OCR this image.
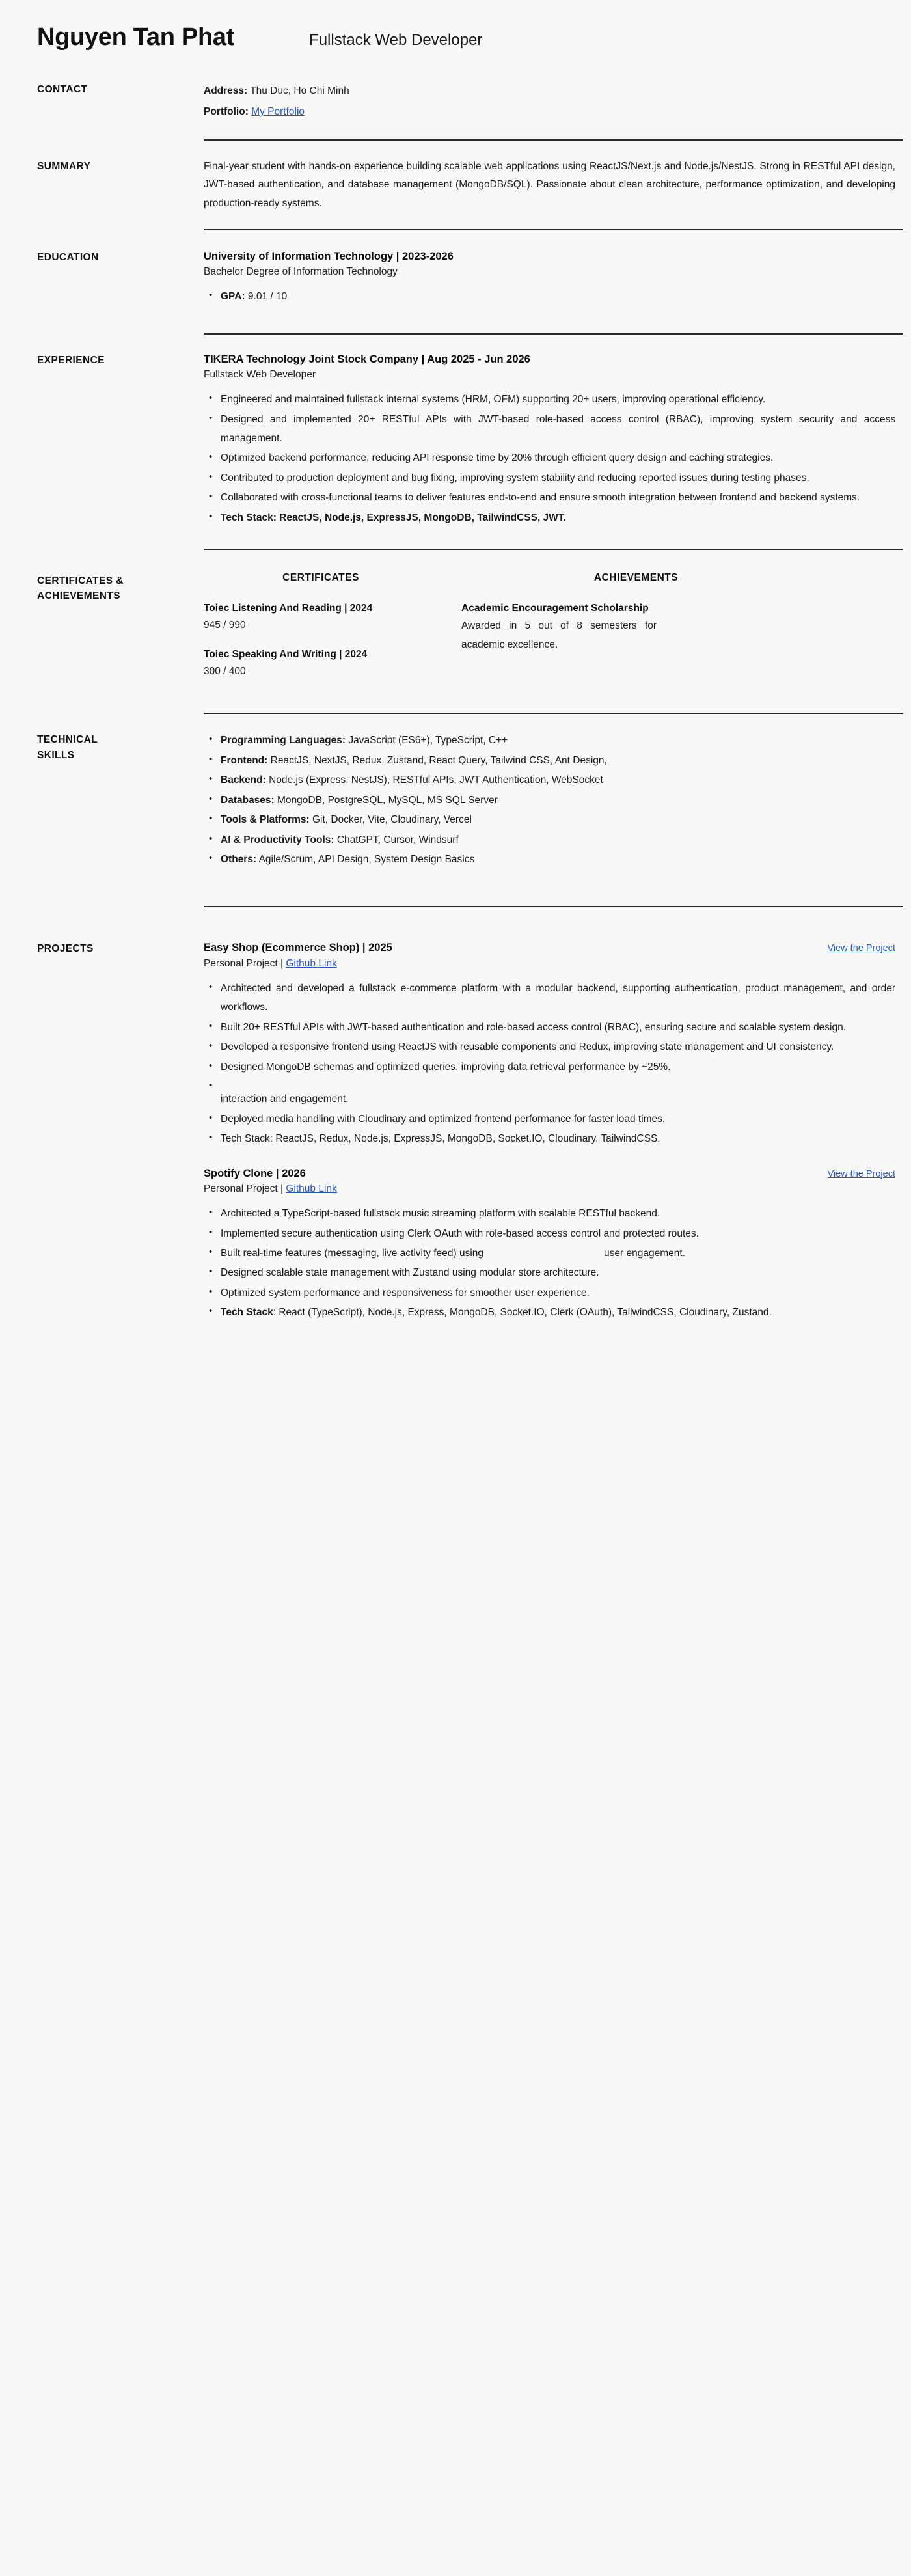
Nguyen Tan Phat	Fullstack Web Developer
CONTACT	Address: Thu Duc, Ho Chi Minh
Portfolio: My Portfolio
SUMMARY	Final-year student with hands-on experience building scalable web applications using ReactJS/Next.js and Node.js/NestJS. Strong in RESTful API design, JWT-based authentication, and database management (MongoDB/SQL). Passionate about clean architecture, performance optimization, and developing production-ready systems.
EDUCATION	University of Information Technology | 2023-2026
Bachelor Degree of Information Technology
• GPA: 9.01 / 10
EXPERIENCE	TIKERA Technology Joint Stock Company | Aug 2025 - Jun 2026
Fullstack Web Developer
• Engineered and maintained fullstack internal systems (HRM, OFM) supporting 20+ users, improving operational efficiency.
• Designed and implemented 20+ RESTful APIs with JWT-based role-based access control (RBAC), improving system security and access management.
• Optimized backend performance, reducing API response time by 20% through efficient query design and caching strategies.
• Contributed to production deployment and bug fixing, improving system stability and reducing reported issues during testing phases.
• Collaborated with cross-functional teams to deliver features end-to-end and ensure smooth integration between frontend and backend systems.
• Tech Stack: ReactJS, Node.js, ExpressJS, MongoDB, TailwindCSS, JWT.
CERTIFICATES &
ACHIEVEMENTS
CERTIFICATES
Toiec Listening And Reading | 2024
945 / 990
Toiec Speaking And Writing | 2024
300 / 400
ACHIEVEMENTS
Academic Encouragement Scholarship
Awarded in 5 out of 8 semesters for academic excellence.
TECHNICAL
SKILLS
• Programming Languages: JavaScript (ES6+), TypeScript, C++
• Frontend: ReactJS, NextJS, Redux, Zustand, React Query, Tailwind CSS, Ant Design,
• Backend: Node.js (Express, NestJS), RESTful APIs, JWT Authentication, WebSocket
• Databases: MongoDB, PostgreSQL, MySQL, MS SQL Server
• Tools & Platforms: Git, Docker, Vite, Cloudinary, Vercel
• AI & Productivity Tools: ChatGPT, Cursor, Windsurf
• Others: Agile/Scrum, API Design, System Design Basics
PROJECTS	Easy Shop (Ecommerce Shop) | 2025	View the Project
Personal Project | Github Link
• Architected and developed a fullstack e-commerce platform with a modular backend, supporting authentication, product management, and order workflows.
• Built 20+ RESTful APIs with JWT-based authentication and role-based access control (RBAC), ensuring secure and scalable system design.
• Developed a responsive frontend using ReactJS with reusable components and Redux, improving state management and UI consistency.
• Designed MongoDB schemas and optimized queries, improving data retrieval performance by ~25%.
•
interaction and engagement.
• Deployed media handling with Cloudinary and optimized frontend performance for faster load times.
• Tech Stack: ReactJS, Redux, Node.js, ExpressJS, MongoDB, Socket.IO, Cloudinary, TailwindCSS.
Spotify Clone | 2026	View the Project
Personal Project | Github Link
• Architected a TypeScript-based fullstack music streaming platform with scalable RESTful backend.
• Implemented secure authentication using Clerk OAuth with role-based access control and protected routes.
• Built real-time features (messaging, live activity feed) using	user engagement.
• Designed scalable state management with Zustand using modular store architecture.
• Optimized system performance and responsiveness for smoother user experience.
• Tech Stack: React (TypeScript), Node.js, Express, MongoDB, Socket.IO, Clerk (OAuth), TailwindCSS, Cloudinary, Zustand.
